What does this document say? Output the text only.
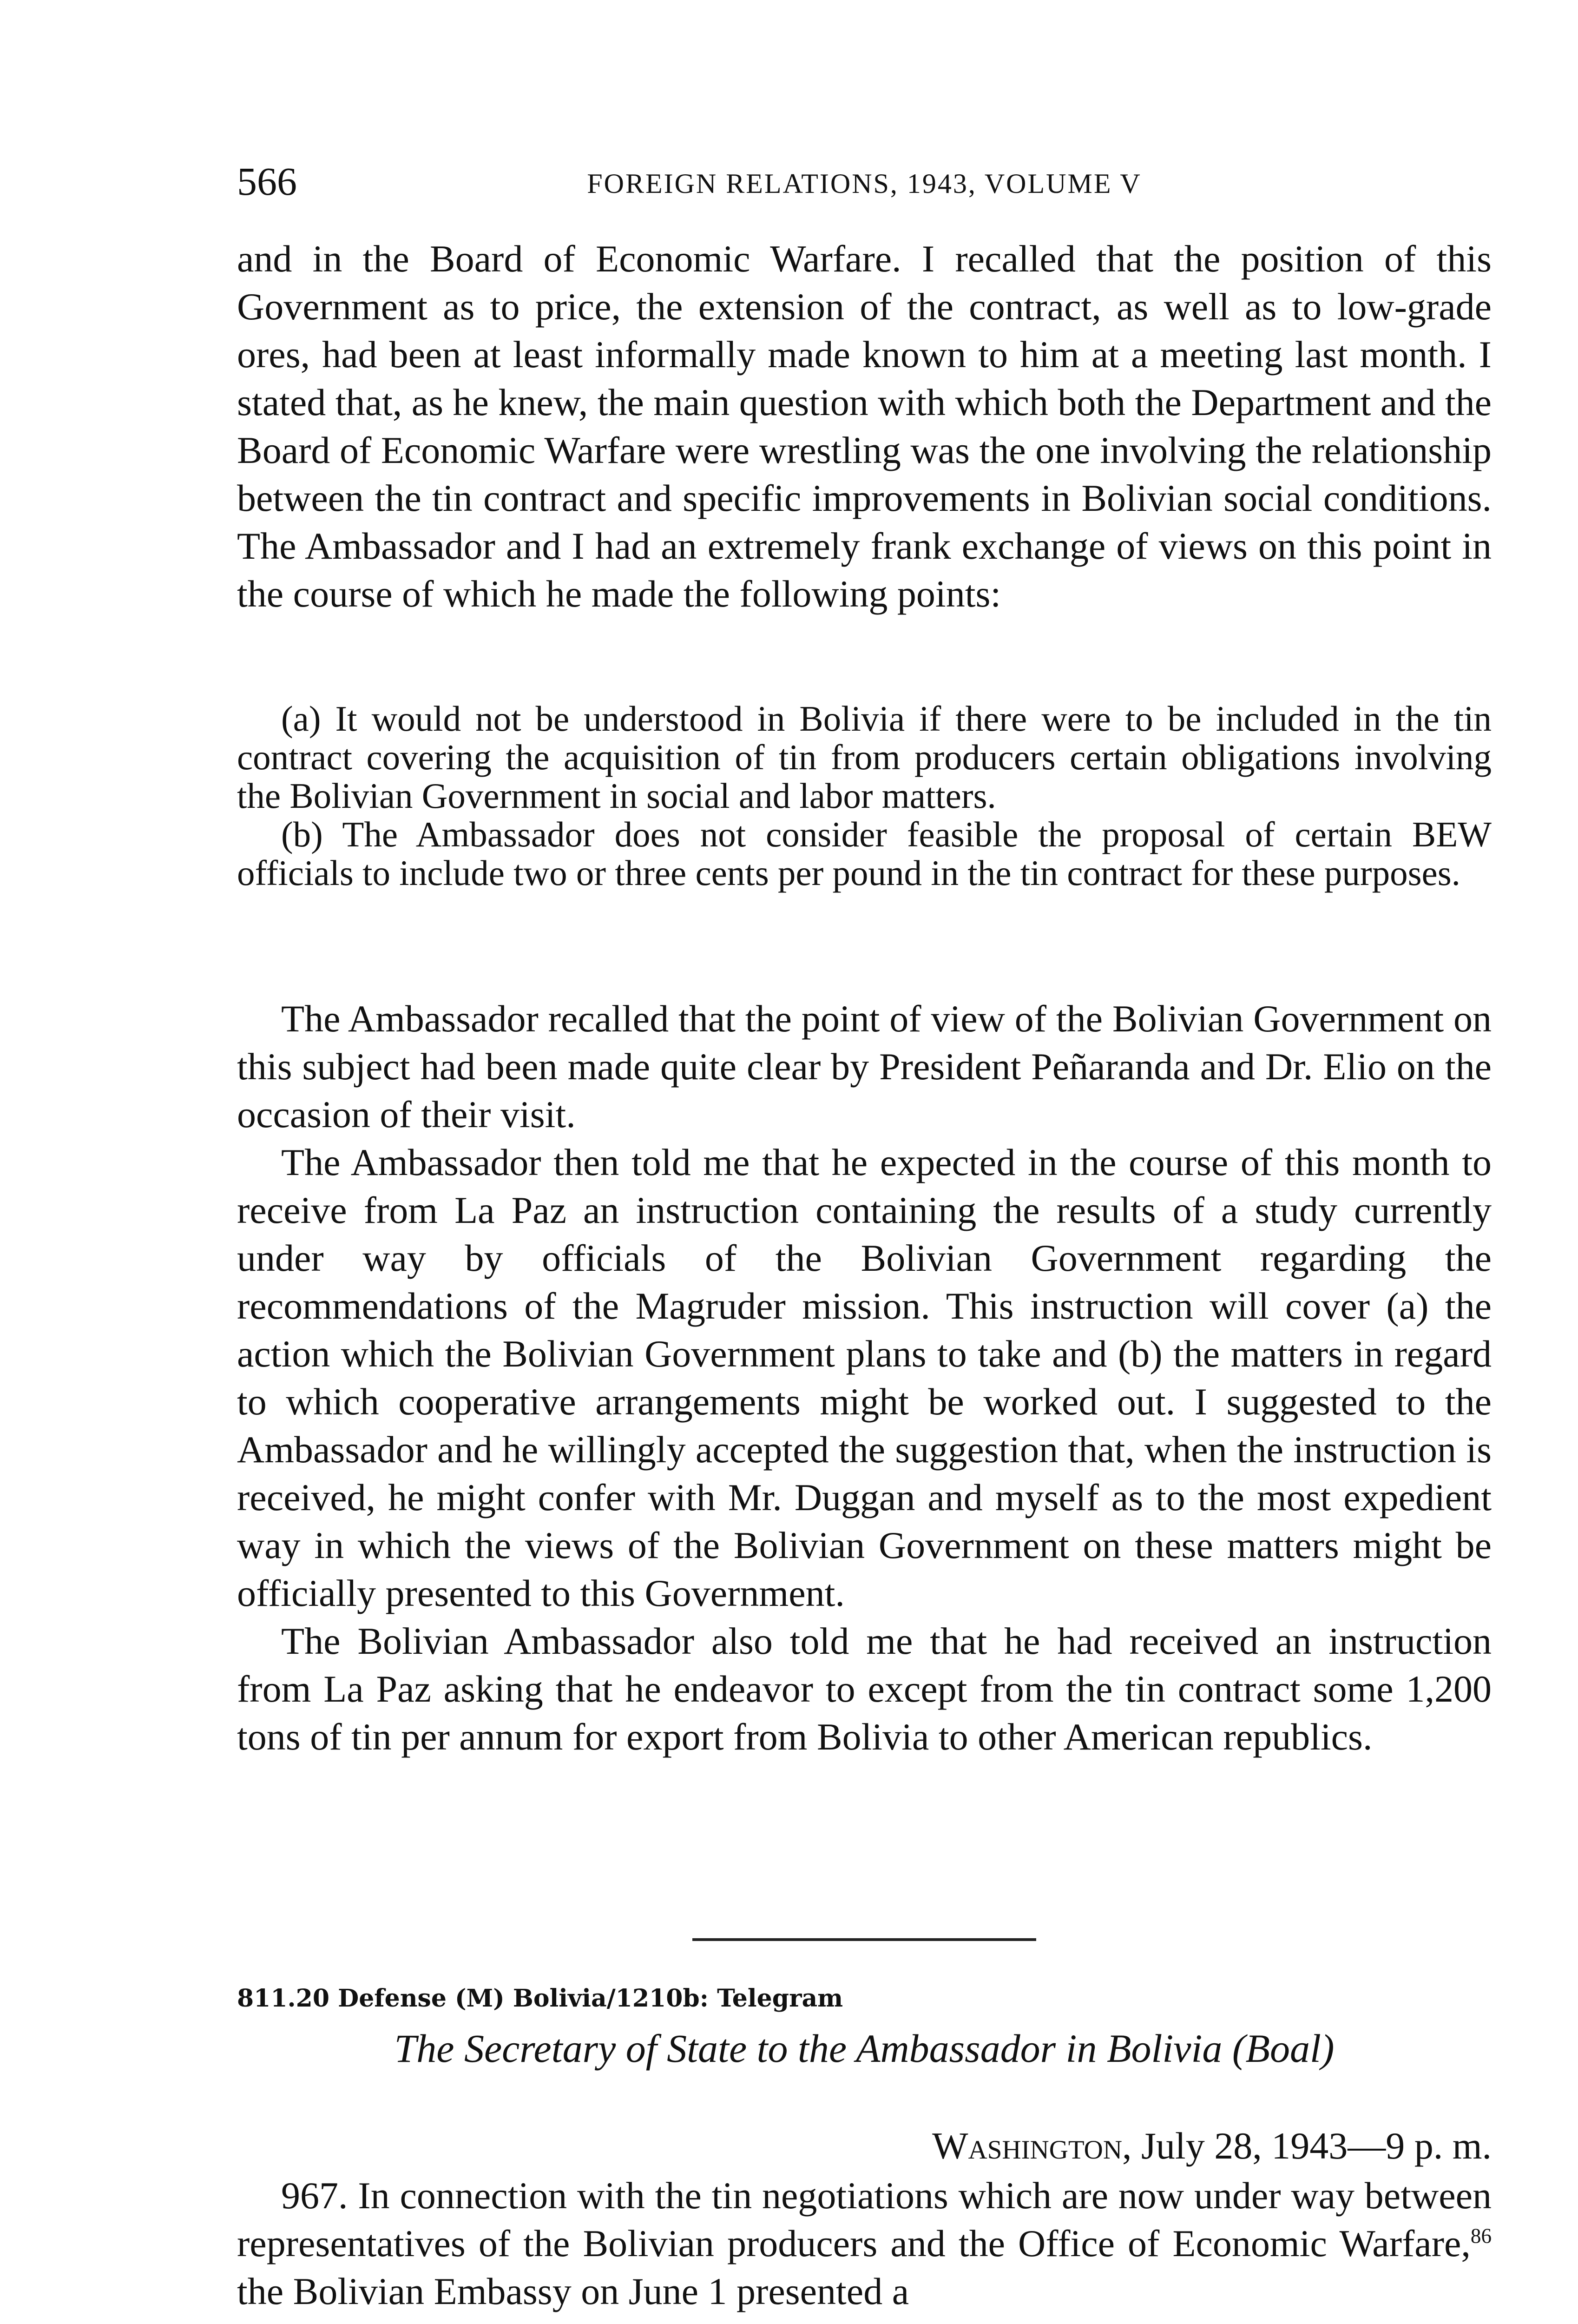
566	FOREIGN RELATIONS, 1943, VOLUME V

and in the Board of Economic Warfare. I recalled that the position of this Government as to price, the extension of the contract, as well as to low-grade ores, had been at least informally made known to him at a meeting last month. I stated that, as he knew, the main question with which both the Department and the Board of Economic Warfare were wrestling was the one involving the relationship between the tin contract and specific improvements in Bolivian social conditions. The Ambassador and I had an extremely frank exchange of views on this point in the course of which he made the following points:

(a) It would not be understood in Bolivia if there were to be included in the tin contract covering the acquisition of tin from producers certain obligations involving the Bolivian Government in social and labor matters.

(b) The Ambassador does not consider feasible the proposal of certain BEW officials to include two or three cents per pound in the tin contract for these purposes.

The Ambassador recalled that the point of view of the Bolivian Government on this subject had been made quite clear by President Peñaranda and Dr. Elio on the occasion of their visit.

The Ambassador then told me that he expected in the course of this month to receive from La Paz an instruction containing the results of a study currently under way by officials of the Bolivian Government regarding the recommendations of the Magruder mission. This instruction will cover (a) the action which the Bolivian Government plans to take and (b) the matters in regard to which cooperative arrangements might be worked out. I suggested to the Ambassador and he willingly accepted the suggestion that, when the instruction is received, he might confer with Mr. Duggan and myself as to the most expedient way in which the views of the Bolivian Government on these matters might be officially presented to this Government.

The Bolivian Ambassador also told me that he had received an instruction from La Paz asking that he endeavor to except from the tin contract some 1,200 tons of tin per annum for export from Bolivia to other American republics.

811.20 Defense (M) Bolivia/1210b: Telegram
The Secretary of State to the Ambassador in Bolivia (Boal)
Washington, July 28, 1943—9 p. m.

967. In connection with the tin negotiations which are now under way between representatives of the Bolivian producers and the Office of Economic Warfare,$^{86}$ the Bolivian Embassy on June 1 presented a
